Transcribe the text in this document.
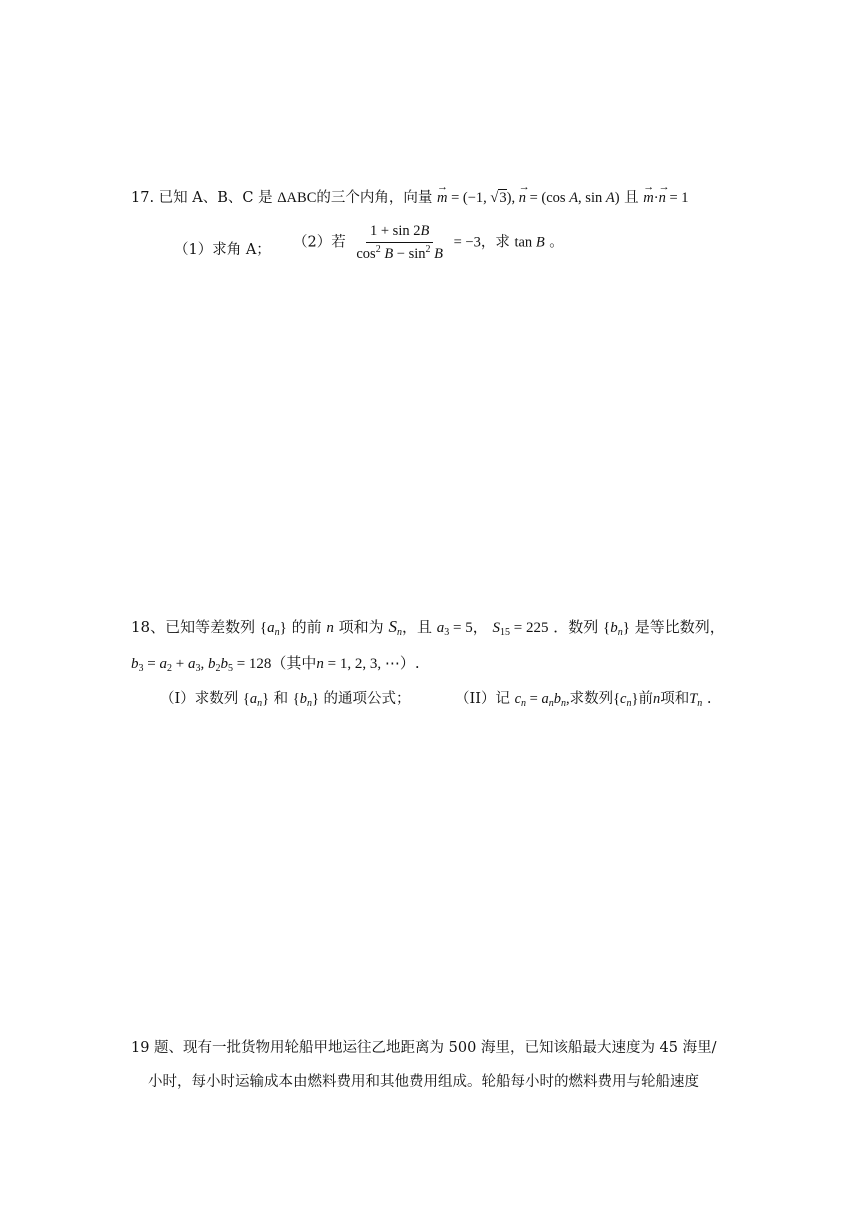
17. 已知 A、B、C 是 ΔABC的三个内角，向量 → m = (−1, √3), → n = (cos A, sin A) 且 → m·→ n = 1
（1）求角 A； （2）若 $\frac{1 + \sin 2B}{\cos^2 B - \sin^2 B} = -3$，求 tan B 。
18、已知等差数列 $\{a_n\}$ 的前 n 项和为 $S_n$，且 $a_3 = 5$， $S_{15} = 225$ ．数列 $\{b_n\}$ 是等比数列，
$b_3 = a_2 + a_3$, $b_2b_5 = 128$（其中n = 1, 2, 3, ⋯）.
（I）求数列 $\{a_n\}$ 和 $\{b_n\}$ 的通项公式；	（II）记 $c_n = a_nb_n$,求数列$\{c_n\}$前n项和$T_n$ .
19 题、现有一批货物用轮船甲地运往乙地距离为 500 海里，已知该船最大速度为 45 海里/
小时，每小时运输成本由燃料费用和其他费用组成。轮船每小时的燃料费用与轮船速度
